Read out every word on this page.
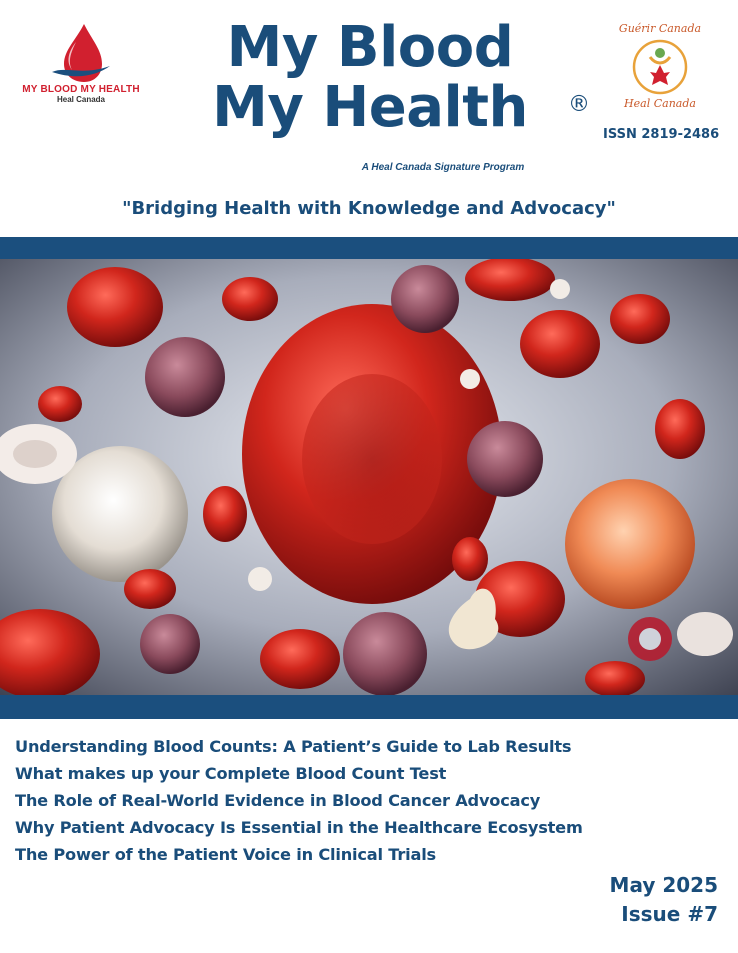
MY BLOOD MY HEALTH
Heal Canada
My Blood
My Health	®
A Heal Canada Signature Program
Guérir Canada
Heal Canada
ISSN 2819-2486
"Bridging Health with Knowledge and Advocacy"
Understanding Blood Counts: A Patient’s Guide to Lab Results
What makes up your Complete Blood Count Test
The Role of Real-World Evidence in Blood Cancer Advocacy
Why Patient Advocacy Is Essential in the Healthcare Ecosystem
The Power of the Patient Voice in Clinical Trials
May 2025
Issue #7
